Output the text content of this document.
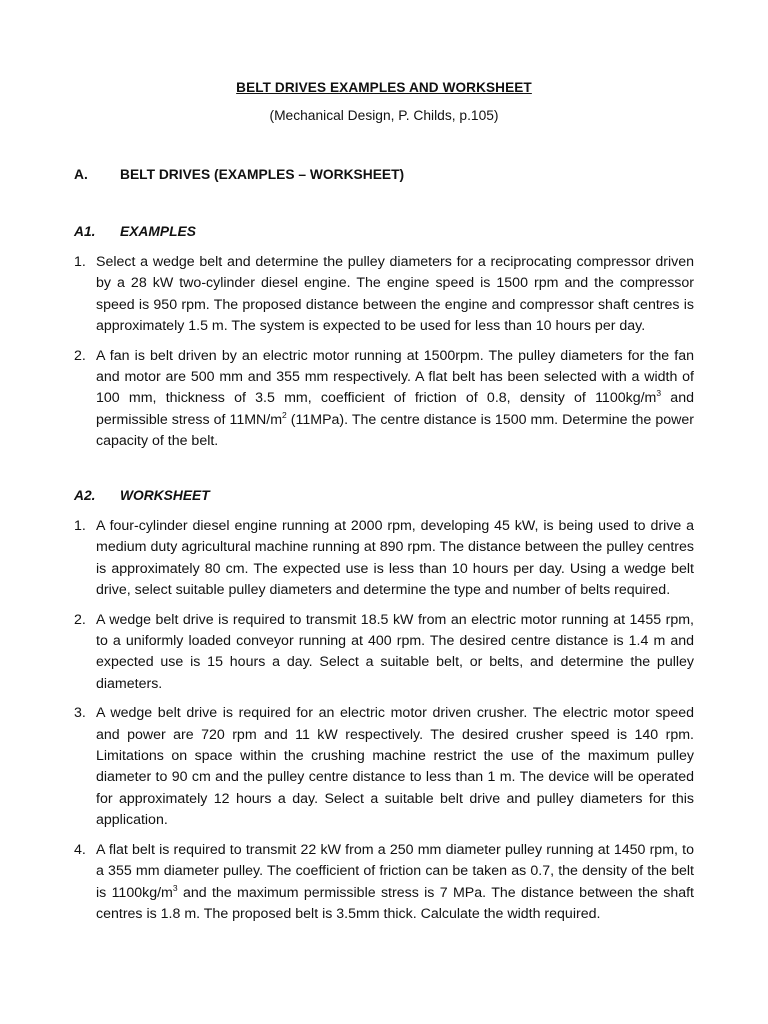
BELT DRIVES EXAMPLES AND WORKSHEET
(Mechanical Design, P. Childs, p.105)
A. BELT DRIVES (EXAMPLES – WORKSHEET)
A1. EXAMPLES
1. Select a wedge belt and determine the pulley diameters for a reciprocating compressor driven by a 28 kW two-cylinder diesel engine. The engine speed is 1500 rpm and the compressor speed is 950 rpm. The proposed distance between the engine and compressor shaft centres is approximately 1.5 m. The system is expected to be used for less than 10 hours per day.
2. A fan is belt driven by an electric motor running at 1500rpm. The pulley diameters for the fan and motor are 500 mm and 355 mm respectively. A flat belt has been selected with a width of 100 mm, thickness of 3.5 mm, coefficient of friction of 0.8, density of $1100kg/m^3$ and permissible stress of $11MN/m^2$ (11MPa). The centre distance is 1500 mm. Determine the power capacity of the belt.
A2. WORKSHEET
1. A four-cylinder diesel engine running at 2000 rpm, developing 45 kW, is being used to drive a medium duty agricultural machine running at 890 rpm. The distance between the pulley centres is approximately 80 cm. The expected use is less than 10 hours per day. Using a wedge belt drive, select suitable pulley diameters and determine the type and number of belts required.
2. A wedge belt drive is required to transmit 18.5 kW from an electric motor running at 1455 rpm, to a uniformly loaded conveyor running at 400 rpm. The desired centre distance is 1.4 m and expected use is 15 hours a day. Select a suitable belt, or belts, and determine the pulley diameters.
3. A wedge belt drive is required for an electric motor driven crusher. The electric motor speed and power are 720 rpm and 11 kW respectively. The desired crusher speed is 140 rpm. Limitations on space within the crushing machine restrict the use of the maximum pulley diameter to 90 cm and the pulley centre distance to less than 1 m. The device will be operated for approximately 12 hours a day. Select a suitable belt drive and pulley diameters for this application.
4. A flat belt is required to transmit 22 kW from a 250 mm diameter pulley running at 1450 rpm, to a 355 mm diameter pulley. The coefficient of friction can be taken as 0.7, the density of the belt is $1100kg/m^3$ and the maximum permissible stress is 7 MPa. The distance between the shaft centres is 1.8 m. The proposed belt is 3.5mm thick. Calculate the width required.
